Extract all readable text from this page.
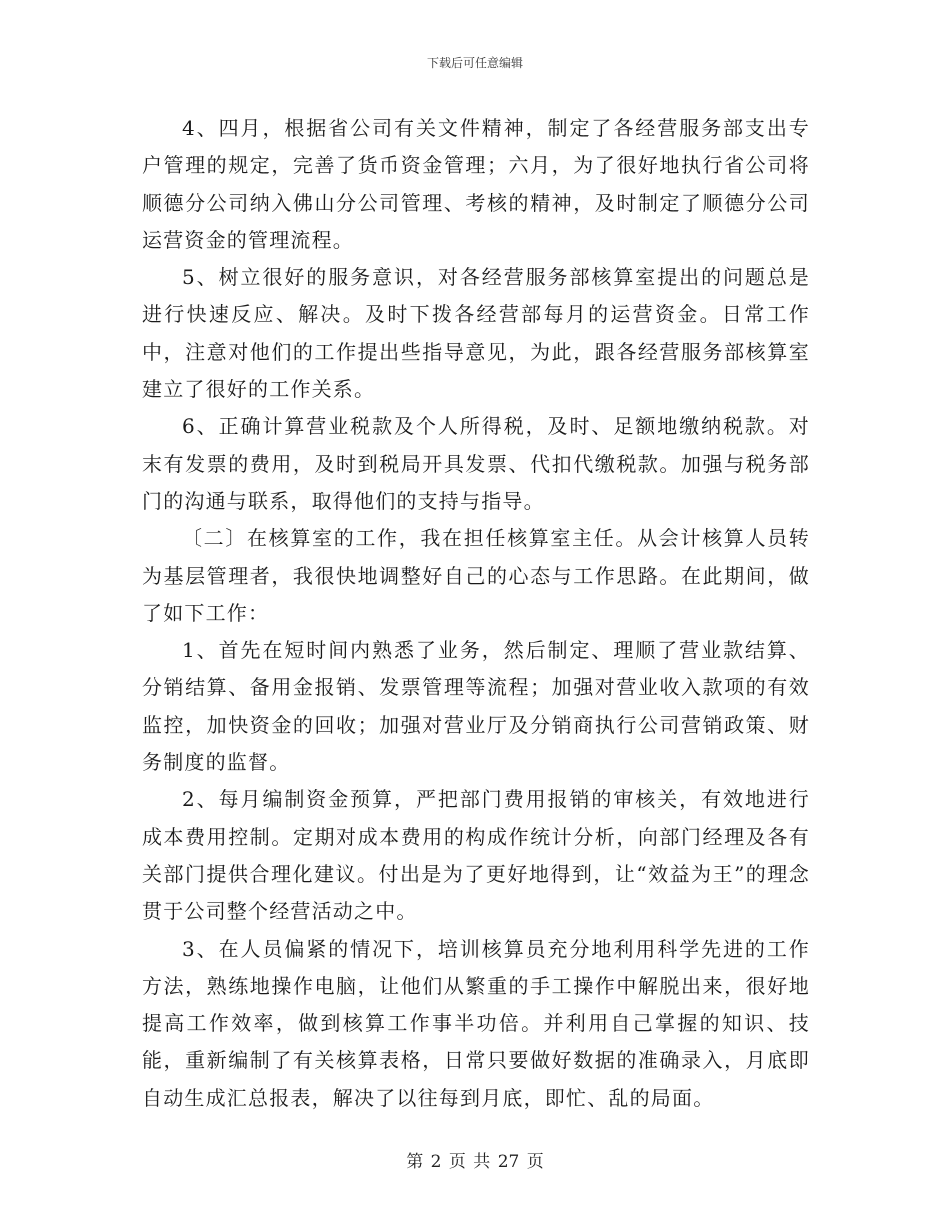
下载后可任意编辑

4、四月，根据省公司有关文件精神，制定了各经营服务部支出专户管理的规定，完善了货币资金管理；六月，为了很好地执行省公司将顺德分公司纳入佛山分公司管理、考核的精神，及时制定了顺德分公司运营资金的管理流程。

5、树立很好的服务意识，对各经营服务部核算室提出的问题总是进行快速反应、解决。及时下拨各经营部每月的运营资金。日常工作中，注意对他们的工作提出些指导意见，为此，跟各经营服务部核算室建立了很好的工作关系。

6、正确计算营业税款及个人所得税，及时、足额地缴纳税款。对末有发票的费用，及时到税局开具发票、代扣代缴税款。加强与税务部门的沟通与联系，取得他们的支持与指导。

〔二〕在核算室的工作，我在担任核算室主任。从会计核算人员转为基层管理者，我很快地调整好自己的心态与工作思路。在此期间，做了如下工作：

1、首先在短时间内熟悉了业务，然后制定、理顺了营业款结算、分销结算、备用金报销、发票管理等流程；加强对营业收入款项的有效监控，加快资金的回收；加强对营业厅及分销商执行公司营销政策、财务制度的监督。

2、每月编制资金预算，严把部门费用报销的审核关，有效地进行成本费用控制。定期对成本费用的构成作统计分析，向部门经理及各有关部门提供合理化建议。付出是为了更好地得到，让“效益为王”的理念贯于公司整个经营活动之中。

3、在人员偏紧的情况下，培训核算员充分地利用科学先进的工作方法，熟练地操作电脑，让他们从繁重的手工操作中解脱出来，很好地提高工作效率，做到核算工作事半功倍。并利用自己掌握的知识、技能，重新编制了有关核算表格，日常只要做好数据的准确录入，月底即自动生成汇总报表，解决了以往每到月底，即忙、乱的局面。

第 2 页 共 27 页
